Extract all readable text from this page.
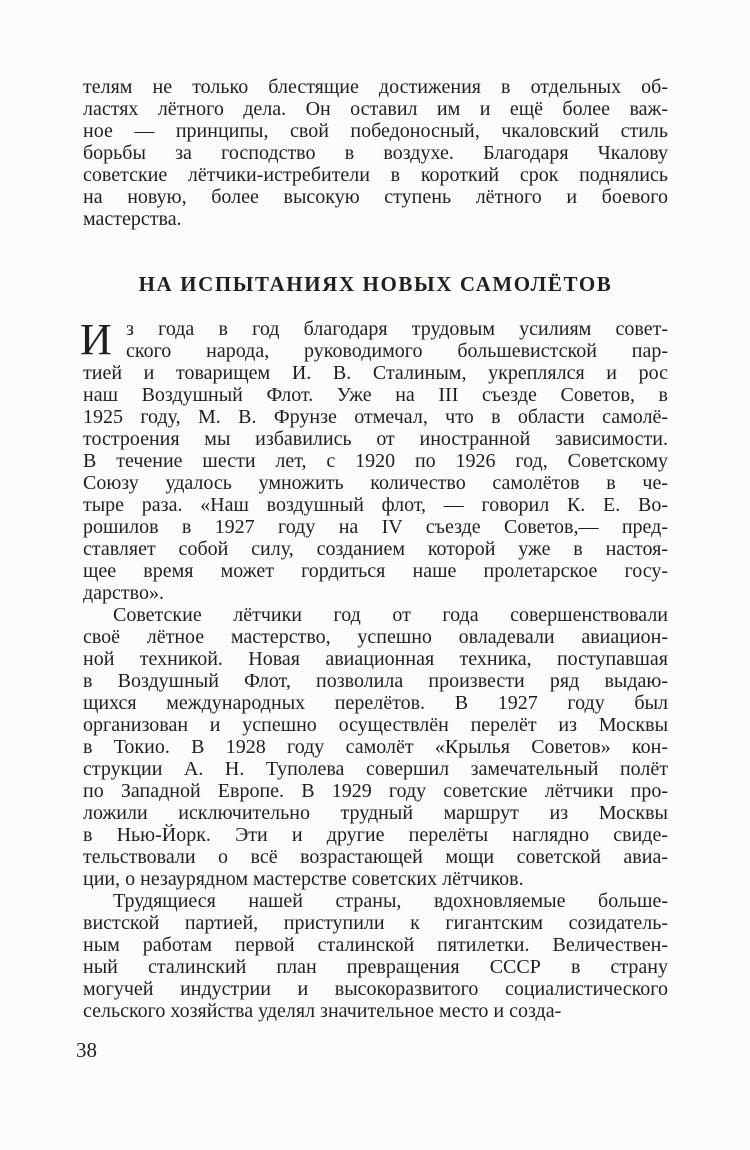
телям не только блестящие достижения в отдельных об-
ластях лётного дела. Он оставил им и ещё более важ-
ное — принципы, свой победоносный, чкаловский стиль
борьбы за господство в воздухе. Благодаря Чкалову
советские лётчики-истребители в короткий срок поднялись
на новую, более высокую ступень лётного и боевого
мастерства.
НА ИСПЫТАНИЯХ НОВЫХ САМОЛЁТОВ
И з года в год благодаря трудовым усилиям совет-
ского народа, руководимого большевистской пар-
тией и товарищем И. В. Сталиным, укреплялся и рос
наш Воздушный Флот. Уже на III съезде Советов, в
1925 году, М. В. Фрунзе отмечал, что в области самолё-
тостроения мы избавились от иностранной зависимости.
В течение шести лет, с 1920 по 1926 год, Советскому
Союзу удалось умножить количество самолётов в че-
тыре раза. «Наш воздушный флот, — говорил К. Е. Во-
рошилов в 1927 году на IV съезде Советов,— пред-
ставляет собой силу, созданием которой уже в настоя-
щее время может гордиться наше пролетарское госу-
дарство».
Советские лётчики год от года совершенствовали
своё лётное мастерство, успешно овладевали авиацион-
ной техникой. Новая авиационная техника, поступавшая
в Воздушный Флот, позволила произвести ряд выдаю-
щихся международных перелётов. В 1927 году был
организован и успешно осуществлён перелёт из Москвы
в Токио. В 1928 году самолёт «Крылья Советов» кон-
струкции А. Н. Туполева совершил замечательный полёт
по Западной Европе. В 1929 году советские лётчики про-
ложили исключительно трудный маршрут из Москвы
в Нью-Йорк. Эти и другие перелёты наглядно свиде-
тельствовали о всё возрастающей мощи советской авиа-
ции, о незаурядном мастерстве советских лётчиков.
Трудящиеся нашей страны, вдохновляемые больше-
вистской партией, приступили к гигантским созидатель-
ным работам первой сталинской пятилетки. Величествен-
ный сталинский план превращения СССР в страну
могучей индустрии и высокоразвитого социалистического
сельского хозяйства уделял значительное место и созда-
38
